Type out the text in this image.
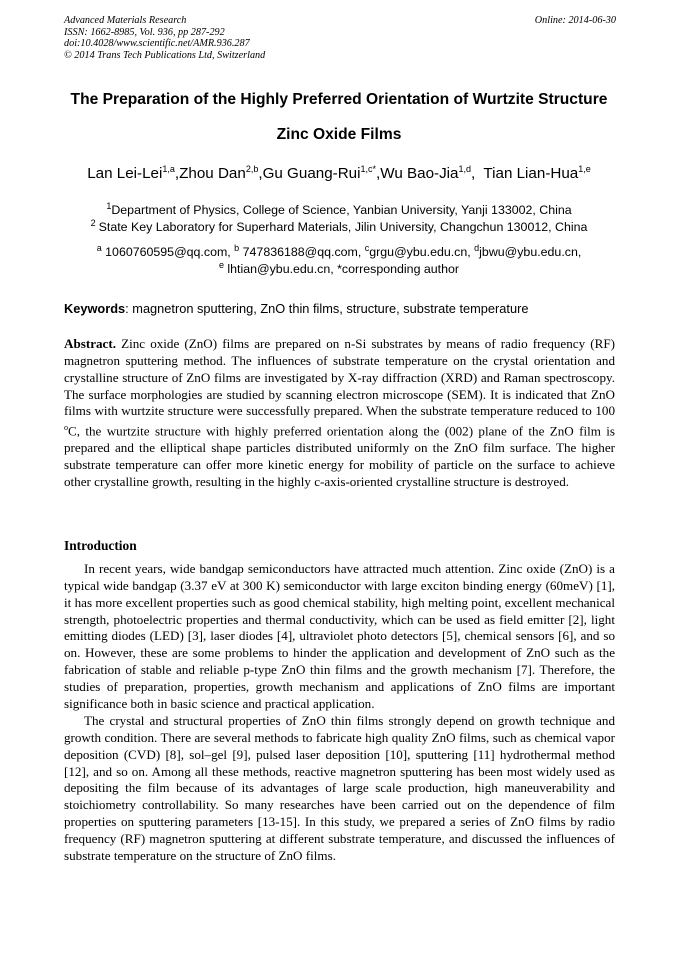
Advanced Materials Research
ISSN: 1662-8985, Vol. 936, pp 287-292
doi:10.4028/www.scientific.net/AMR.936.287
© 2014 Trans Tech Publications Ltd, Switzerland
Online: 2014-06-30
The Preparation of the Highly Preferred Orientation of Wurtzite Structure
Zinc Oxide Films
Lan Lei-Lei$^{1,a}$,Zhou Dan$^{2,b}$,Gu Guang-Rui$^{1,c*}$,Wu Bao-Jia$^{1,d}$,  Tian Lian-Hua$^{1,e}$
$^1$Department of Physics, College of Science, Yanbian University, Yanji 133002, China
$^2$ State Key Laboratory for Superhard Materials, Jilin University, Changchun 130012, China
$^a$ 1060760595@qq.com, $^b$ 747836188@qq.com, $^c$grgu@ybu.edu.cn, $^d$jbwu@ybu.edu.cn,
$^e$ lhtian@ybu.edu.cn, *corresponding author
Keywords: magnetron sputtering, ZnO thin films, structure, substrate temperature
Abstract. Zinc oxide (ZnO) films are prepared on n-Si substrates by means of radio frequency (RF) magnetron sputtering method. The influences of substrate temperature on the crystal orientation and crystalline structure of ZnO films are investigated by X-ray diffraction (XRD) and Raman spectroscopy. The surface morphologies are studied by scanning electron microscope (SEM). It is indicated that ZnO films with wurtzite structure were successfully prepared. When the substrate temperature reduced to 100 $^o$C, the wurtzite structure with highly preferred orientation along the (002) plane of the ZnO film is prepared and the elliptical shape particles distributed uniformly on the ZnO film surface. The higher substrate temperature can offer more kinetic energy for mobility of particle on the surface to achieve other crystalline growth, resulting in the highly c-axis-oriented crystalline structure is destroyed.
Introduction
In recent years, wide bandgap semiconductors have attracted much attention. Zinc oxide (ZnO) is a typical wide bandgap (3.37 eV at 300 K) semiconductor with large exciton binding energy (60meV) [1], it has more excellent properties such as good chemical stability, high melting point, excellent mechanical strength, photoelectric properties and thermal conductivity, which can be used as field emitter [2], light emitting diodes (LED) [3], laser diodes [4], ultraviolet photo detectors [5], chemical sensors [6], and so on. However, these are some problems to hinder the application and development of ZnO such as the fabrication of stable and reliable p-type ZnO thin films and the growth mechanism [7]. Therefore, the studies of preparation, properties, growth mechanism and applications of ZnO films are important significance both in basic science and practical application.
The crystal and structural properties of ZnO thin films strongly depend on growth technique and growth condition. There are several methods to fabricate high quality ZnO films, such as chemical vapor deposition (CVD) [8], sol–gel [9], pulsed laser deposition [10], sputtering [11] hydrothermal method [12], and so on. Among all these methods, reactive magnetron sputtering has been most widely used as depositing the film because of its advantages of large scale production, high maneuverability and stoichiometry controllability. So many researches have been carried out on the dependence of film properties on sputtering parameters [13-15]. In this study, we prepared a series of ZnO films by radio frequency (RF) magnetron sputtering at different substrate temperature, and discussed the influences of substrate temperature on the structure of ZnO films.
